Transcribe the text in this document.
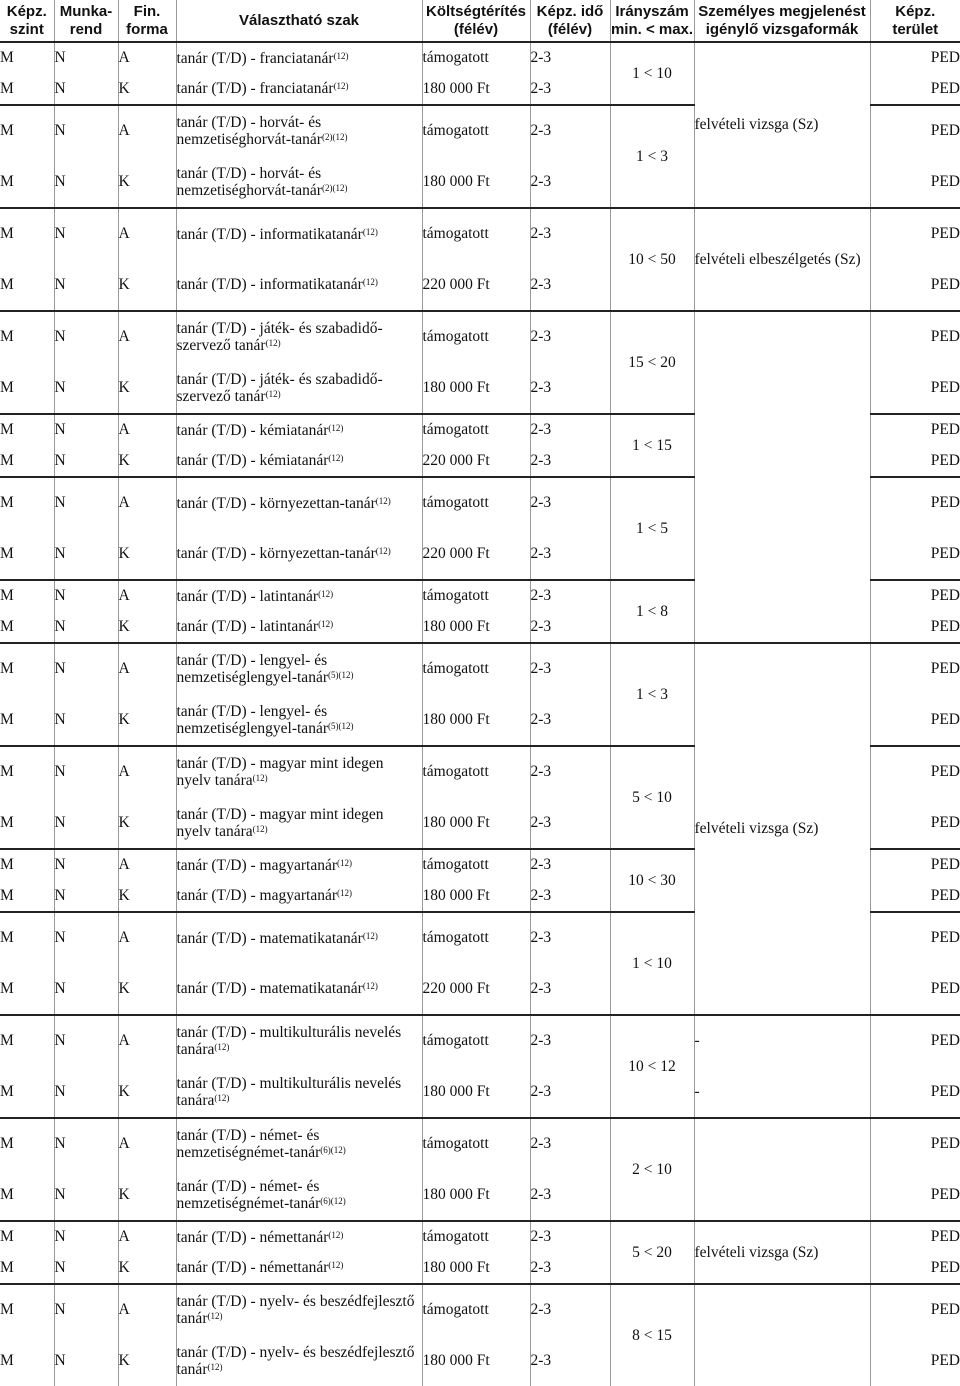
Képz. szint	Munka-rend	Fin. forma	Választható szak	Költségtérítés (félév)	Képz. idő (félév)	Irányszám min. < max.	Személyes megjelenést igénylő vizsgaformák	Képz. terület
M	N	A	tanár (T/D) - franciatanár$^{(12)}$	támogatott	2-3	1 < 10	felvételi vizsga (Sz)	PED
M	N	K	tanár (T/D) - franciatanár$^{(12)}$	180 000 Ft	2-3			PED
M	N	A	tanár (T/D) - horvát- és nemzetiséghorvát-tanár$^{(2)(12)}$	támogatott	2-3	1 < 3		PED
M	N	K	tanár (T/D) - horvát- és nemzetiséghorvát-tanár$^{(2)(12)}$	180 000 Ft	2-3			PED
M	N	A	tanár (T/D) - informatikatanár$^{(12)}$	támogatott	2-3	10 < 50	felvételi elbeszélgetés (Sz)	PED
M	N	K	tanár (T/D) - informatikatanár$^{(12)}$	220 000 Ft	2-3			PED
M	N	A	tanár (T/D) - játék- és szabadidő-szervező tanár$^{(12)}$	támogatott	2-3	15 < 20		PED
M	N	K	tanár (T/D) - játék- és szabadidő-szervező tanár$^{(12)}$	180 000 Ft	2-3			PED
M	N	A	tanár (T/D) - kémiatanár$^{(12)}$	támogatott	2-3	1 < 15		PED
M	N	K	tanár (T/D) - kémiatanár$^{(12)}$	220 000 Ft	2-3			PED
M	N	A	tanár (T/D) - környezettan-tanár$^{(12)}$	támogatott	2-3	1 < 5		PED
M	N	K	tanár (T/D) - környezettan-tanár$^{(12)}$	220 000 Ft	2-3			PED
M	N	A	tanár (T/D) - latintanár$^{(12)}$	támogatott	2-3	1 < 8		PED
M	N	K	tanár (T/D) - latintanár$^{(12)}$	180 000 Ft	2-3			PED
M	N	A	tanár (T/D) - lengyel- és nemzetiséglengyel-tanár$^{(5)(12)}$	támogatott	2-3	1 < 3	felvételi vizsga (Sz)	PED
M	N	K	tanár (T/D) - lengyel- és nemzetiséglengyel-tanár$^{(5)(12)}$	180 000 Ft	2-3			PED
M	N	A	tanár (T/D) - magyar mint idegen nyelv tanára$^{(12)}$	támogatott	2-3	5 < 10		PED
M	N	K	tanár (T/D) - magyar mint idegen nyelv tanára$^{(12)}$	180 000 Ft	2-3			PED
M	N	A	tanár (T/D) - magyartanár$^{(12)}$	támogatott	2-3	10 < 30		PED
M	N	K	tanár (T/D) - magyartanár$^{(12)}$	180 000 Ft	2-3			PED
M	N	A	tanár (T/D) - matematikatanár$^{(12)}$	támogatott	2-3	1 < 10		PED
M	N	K	tanár (T/D) - matematikatanár$^{(12)}$	220 000 Ft	2-3			PED
M	N	A	tanár (T/D) - multikulturális nevelés tanára$^{(12)}$	támogatott	2-3	10 < 12	-	PED
M	N	K	tanár (T/D) - multikulturális nevelés tanára$^{(12)}$	180 000 Ft	2-3		-	PED
M	N	A	tanár (T/D) - német- és nemzetiségnémet-tanár$^{(6)(12)}$	támogatott	2-3	2 < 10		PED
M	N	K	tanár (T/D) - német- és nemzetiségnémet-tanár$^{(6)(12)}$	180 000 Ft	2-3			PED
M	N	A	tanár (T/D) - némettanár$^{(12)}$	támogatott	2-3	5 < 20	felvételi vizsga (Sz)	PED
M	N	K	tanár (T/D) - némettanár$^{(12)}$	180 000 Ft	2-3			PED
M	N	A	tanár (T/D) - nyelv- és beszédfejlesztő tanár$^{(12)}$	támogatott	2-3	8 < 15		PED
M	N	K	tanár (T/D) - nyelv- és beszédfejlesztő tanár$^{(12)}$	180 000 Ft	2-3			PED
